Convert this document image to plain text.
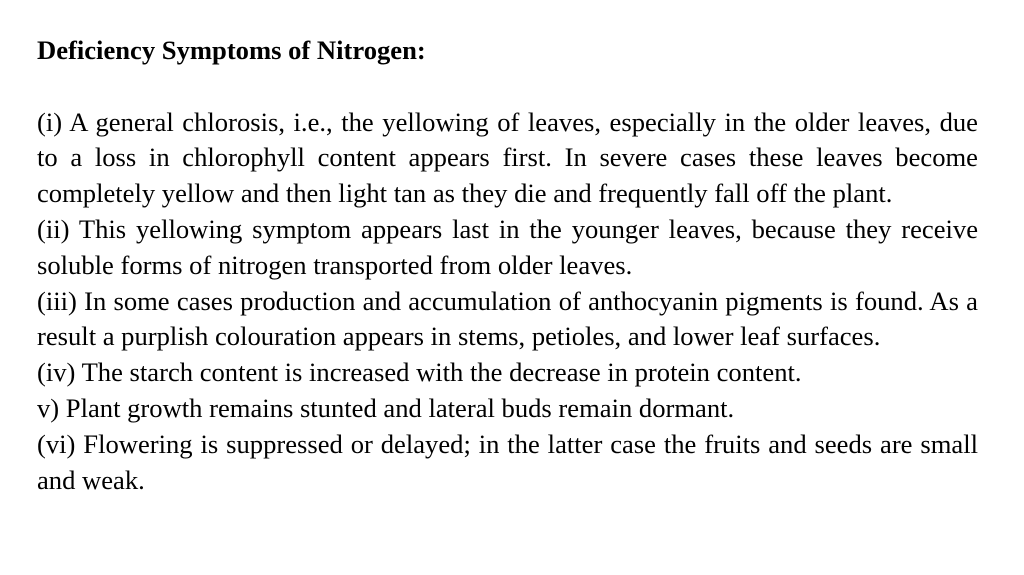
Deficiency Symptoms of Nitrogen:

(i) A general chlorosis, i.e., the yellowing of leaves, especially in the older leaves, due to a loss in chlorophyll content appears first. In severe cases these leaves become completely yellow and then light tan as they die and frequently fall off the plant.

(ii) This yellowing symptom appears last in the younger leaves, because they receive soluble forms of nitrogen transported from older leaves.

(iii) In some cases production and accumulation of anthocyanin pigments is found. As a result a purplish colouration appears in stems, petioles, and lower leaf surfaces.

(iv) The starch content is increased with the decrease in protein content.

v) Plant growth remains stunted and lateral buds remain dormant.

(vi) Flowering is suppressed or delayed; in the latter case the fruits and seeds are small and weak.
